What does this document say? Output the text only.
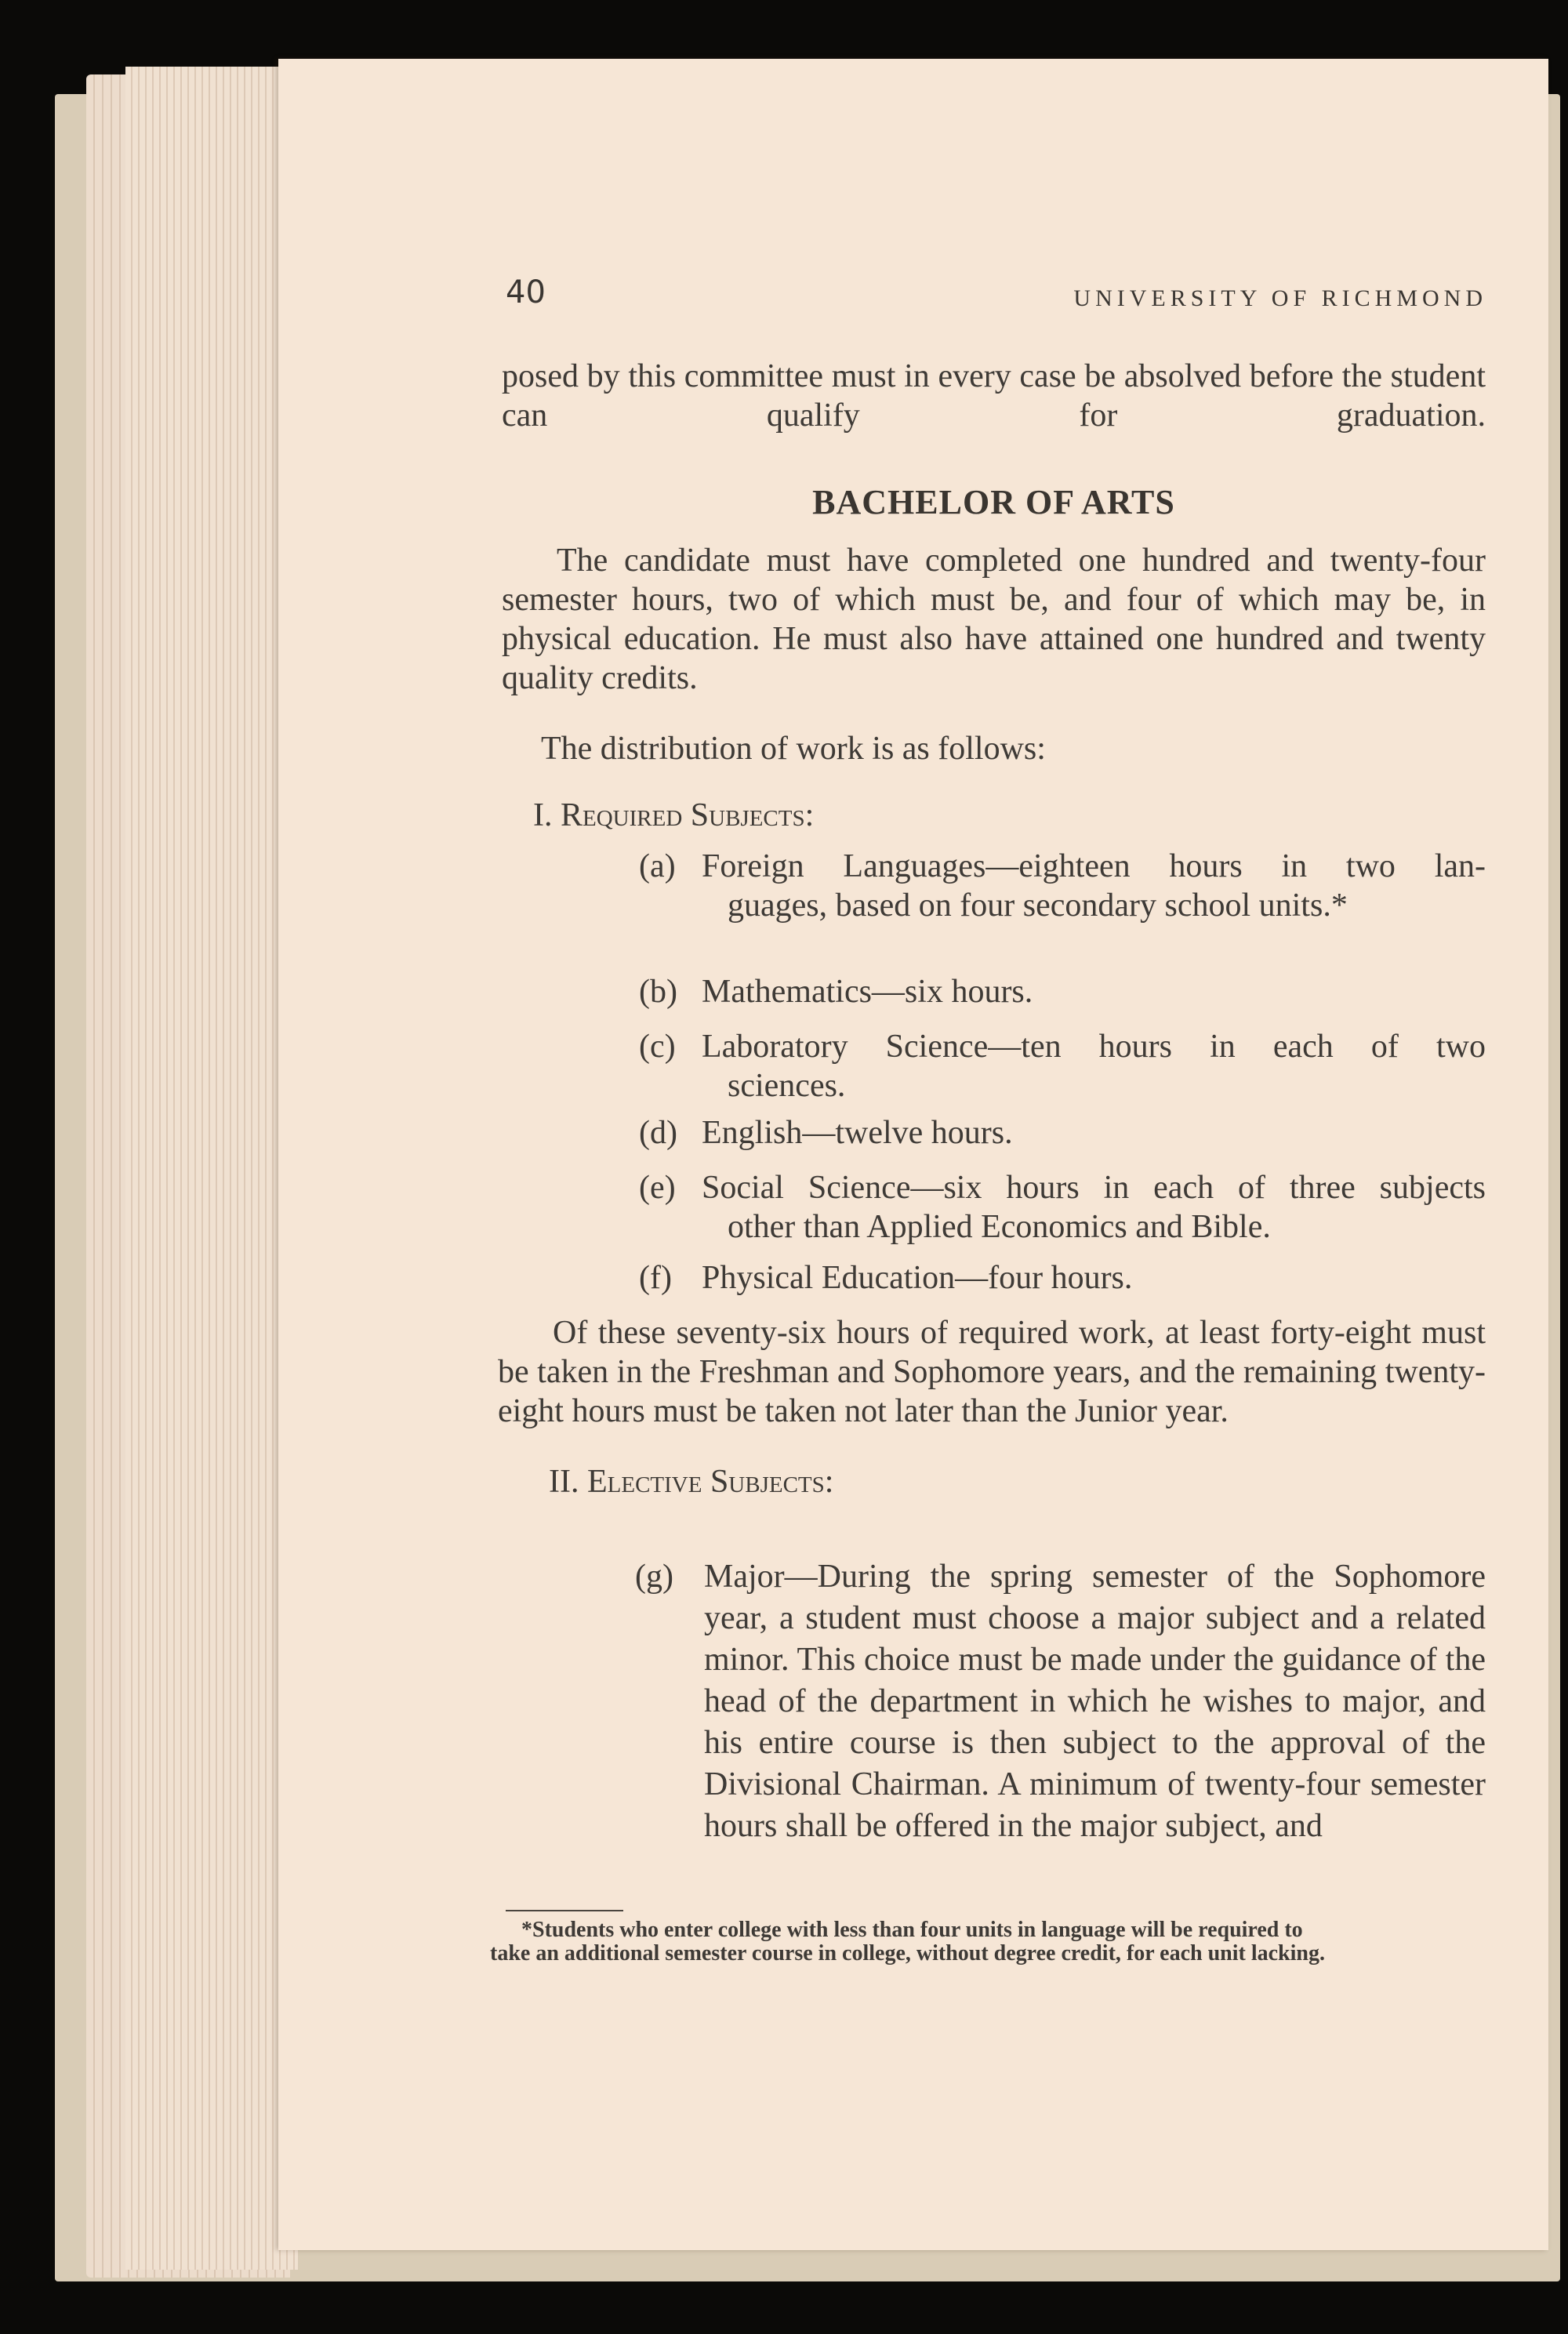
40	UNIVERSITY OF RICHMOND
posed by this committee must in every case be absolved before the student can qualify for graduation.
BACHELOR OF ARTS
The candidate must have completed one hundred and twenty-four semester hours, two of which must be, and four of which may be, in physical education. He must also have attained one hundred and twenty quality credits.
The distribution of work is as follows:
I. Required Subjects:
(a) Foreign Languages—eighteen hours in two lan-
guages, based on four secondary school units.*
(b) Mathematics—six hours.
(c) Laboratory Science—ten hours in each of two
sciences.
(d) English—twelve hours.
(e) Social Science—six hours in each of three subjects
other than Applied Economics and Bible.
(f) Physical Education—four hours.
Of these seventy-six hours of required work, at least forty-eight must be taken in the Freshman and Sophomore years, and the remaining twenty-eight hours must be taken not later than the Junior year.
II. Elective Subjects:
(g) Major—During the spring semester of the Sophomore year, a student must choose a major subject and a related minor. This choice must be made under the guidance of the head of the department in which he wishes to major, and his entire course is then subject to the approval of the Divisional Chairman. A minimum of twenty-four semester hours shall be offered in the major subject, and
*Students who enter college with less than four units in language will be required to
take an additional semester course in college, without degree credit, for each unit lacking.
